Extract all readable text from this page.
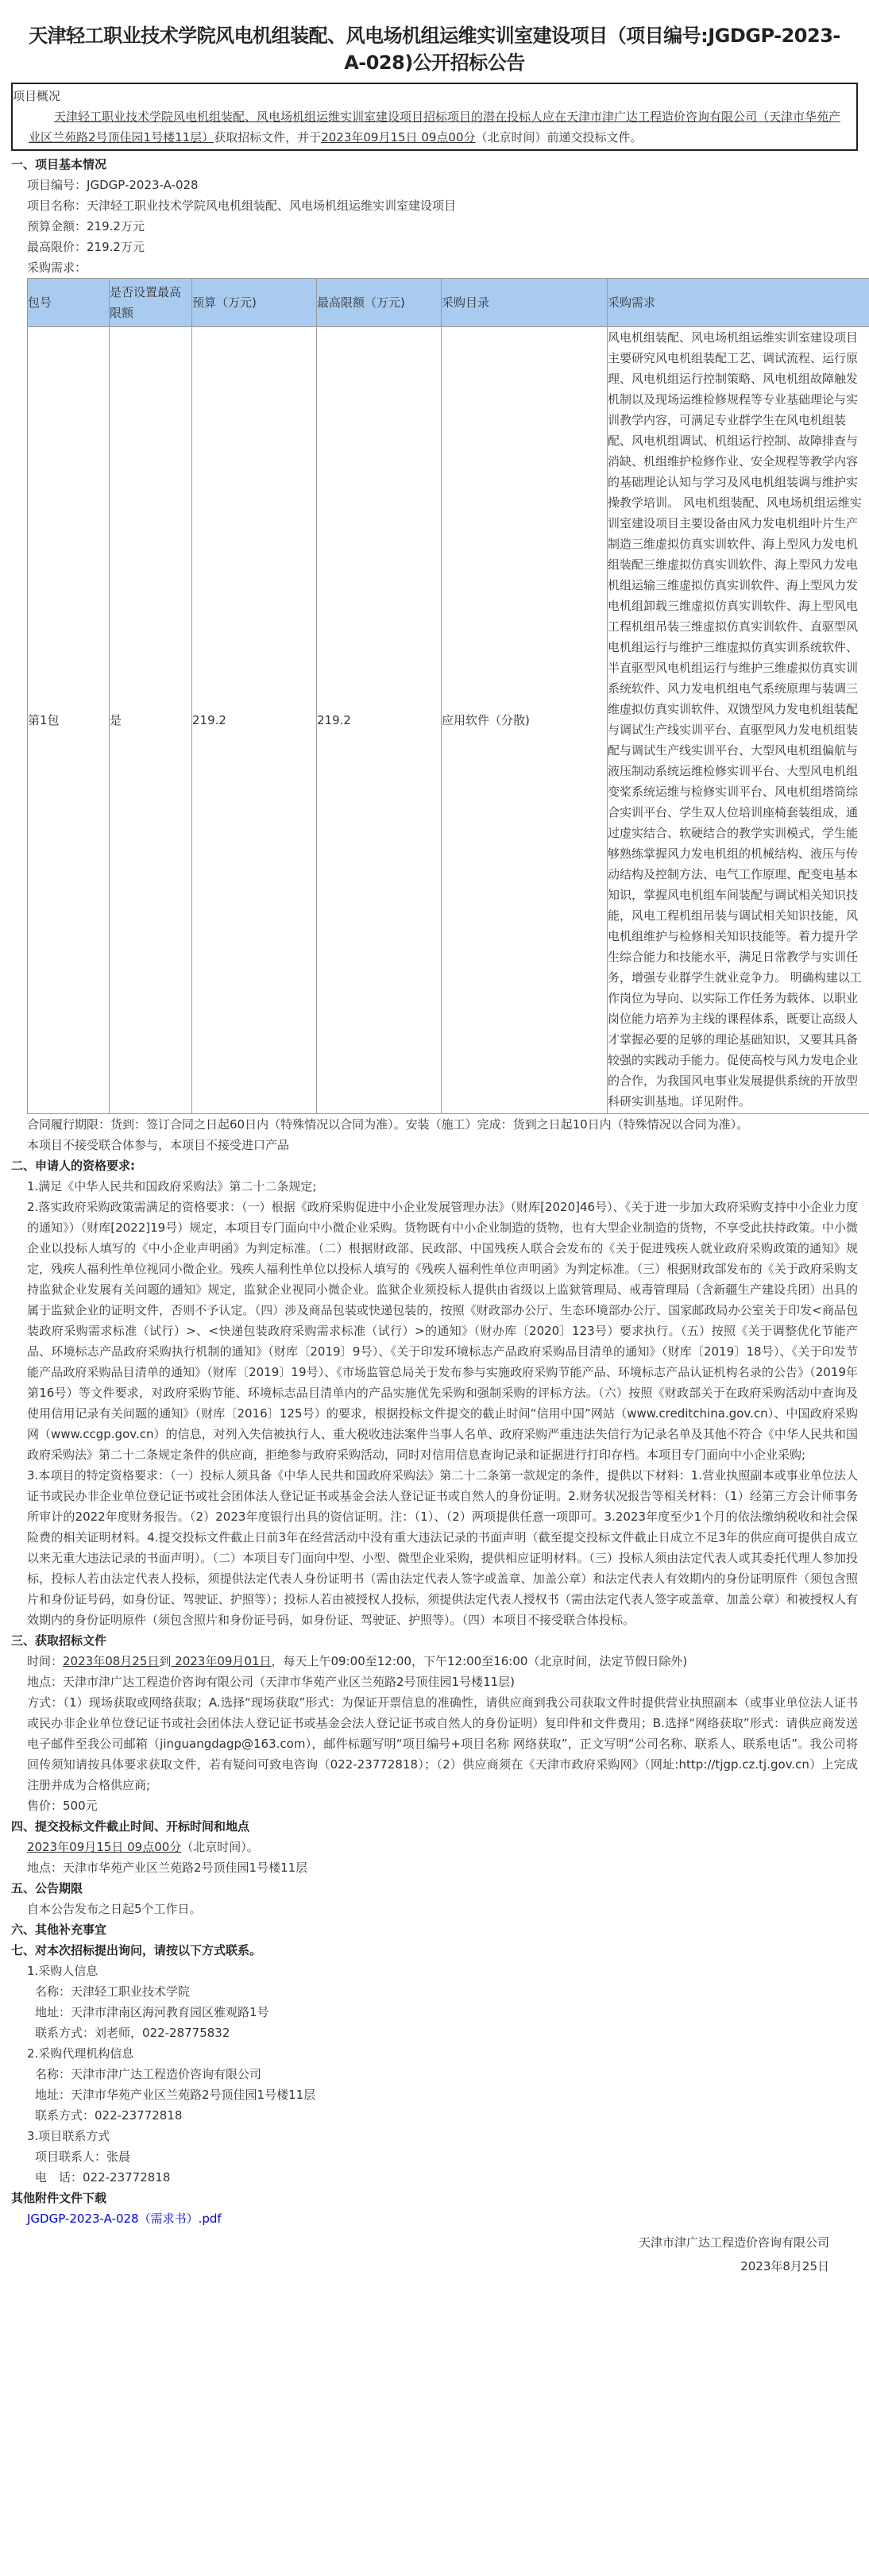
天津轻工职业技术学院风电机组装配、风电场机组运维实训室建设项目（项目编号:JGDGP-2023-A-028)公开招标公告
项目概况
天津轻工职业技术学院风电机组装配、风电场机组运维实训室建设项目招标项目的潜在投标人应在天津市津广达工程造价咨询有限公司（天津市华苑产业区兰苑路2号顶佳园1号楼11层）获取招标文件，并于2023年09月15日 09点00分（北京时间）前递交投标文件。
一、项目基本情况
项目编号：JGDGP-2023-A-028
项目名称：天津轻工职业技术学院风电机组装配、风电场机组运维实训室建设项目
预算金额：219.2万元
最高限价：219.2万元
采购需求：
包号	是否设置最高限额	预算（万元)	最高限额（万元)	采购目录	采购需求
第1包	是	219.2	219.2	应用软件（分散)	风电机组装配、风电场机组运维实训室建设项目主要研究风电机组装配工艺、调试流程、运行原理、风电机组运行控制策略、风电机组故障触发机制以及现场运维检修规程等专业基础理论与实训教学内容，可满足专业群学生在风电机组装配、风电机组调试、机组运行控制、故障排查与消缺、机组维护检修作业、安全规程等教学内容的基础理论认知与学习及风电机组装调与维护实操教学培训。 风电机组装配、风电场机组运维实训室建设项目主要设备由风力发电机组叶片生产制造三维虚拟仿真实训软件、海上型风力发电机组装配三维虚拟仿真实训软件、海上型风力发电机组运输三维虚拟仿真实训软件、海上型风力发电机组卸载三维虚拟仿真实训软件、海上型风电工程机组吊装三维虚拟仿真实训软件、直驱型风电机组运行与维护三维虚拟仿真实训系统软件、半直驱型风电机组运行与维护三维虚拟仿真实训系统软件、风力发电机组电气系统原理与装调三维虚拟仿真实训软件、双馈型风力发电机组装配与调试生产线实训平台、直驱型风力发电机组装配与调试生产线实训平台、大型风电机组偏航与液压制动系统运维检修实训平台、大型风电机组变桨系统运维与检修实训平台、风电机组塔筒综合实训平台、学生双人位培训座椅套装组成，通过虚实结合、软硬结合的教学实训模式，学生能够熟练掌握风力发电机组的机械结构、液压与传动结构及控制方法、电气工作原理、配变电基本知识，掌握风电机组车间装配与调试相关知识技能，风电工程机组吊装与调试相关知识技能，风电机组维护与检修相关知识技能等。着力提升学生综合能力和技能水平，满足日常教学与实训任务，增强专业群学生就业竞争力。 明确构建以工作岗位为导向、以实际工作任务为载体、以职业岗位能力培养为主线的课程体系，既要让高级人才掌握必要的足够的理论基础知识，又要其具备较强的实践动手能力。促使高校与风力发电企业的合作，为我国风电事业发展提供系统的开放型科研实训基地。详见附件。
合同履行期限：货到：签订合同之日起60日内（特殊情况以合同为准）。安装（施工）完成：货到之日起10日内（特殊情况以合同为准）。
本项目不接受联合体参与，本项目不接受进口产品
二、申请人的资格要求:
1.满足《中华人民共和国政府采购法》第二十二条规定;
2.落实政府采购政策需满足的资格要求：（一）根据《政府采购促进中小企业发展管理办法》（财库[2020]46号）、《关于进一步加大政府采购支持中小企业力度的通知》）（财库[2022]19号）规定，本项目专门面向中小微企业采购。货物既有中小企业制造的货物，也有大型企业制造的货物，不享受此扶持政策。中小微企业以投标人填写的《中小企业声明函》为判定标准。（二）根据财政部、民政部、中国残疾人联合会发布的《关于促进残疾人就业政府采购政策的通知》规定，残疾人福利性单位视同小微企业。残疾人福利性单位以投标人填写的《残疾人福利性单位声明函》为判定标准。（三）根据财政部发布的《关于政府采购支持监狱企业发展有关问题的通知》规定，监狱企业视同小微企业。监狱企业须投标人提供由省级以上监狱管理局、戒毒管理局（含新疆生产建设兵团）出具的属于监狱企业的证明文件，否则不予认定。（四）涉及商品包装或快递包装的，按照《财政部办公厅、生态环境部办公厅、国家邮政局办公室关于印发<商品包装政府采购需求标准（试行）>、<快递包装政府采购需求标准（试行）>的通知》（财办库〔2020〕123号）要求执行。（五）按照《关于调整优化节能产品、环境标志产品政府采购执行机制的通知》（财库〔2019〕9号）、《关于印发环境标志产品政府采购品目清单的通知》（财库〔2019〕18号）、《关于印发节能产品政府采购品目清单的通知》（财库〔2019〕19号）、《市场监管总局关于发布参与实施政府采购节能产品、环境标志产品认证机构名录的公告》（2019年第16号）等文件要求，对政府采购节能、环境标志品目清单内的产品实施优先采购和强制采购的评标方法。（六）按照《财政部关于在政府采购活动中查询及使用信用记录有关问题的通知》（财库〔2016〕125号）的要求，根据投标文件提交的截止时间“信用中国”网站（www.creditchina.gov.cn）、中国政府采购网（www.ccgp.gov.cn）的信息，对列入失信被执行人、重大税收违法案件当事人名单、政府采购严重违法失信行为记录名单及其他不符合《中华人民共和国政府采购法》第二十二条规定条件的供应商，拒绝参与政府采购活动，同时对信用信息查询记录和证据进行打印存档。本项目专门面向中小企业采购;
3.本项目的特定资格要求：（一）投标人须具备《中华人民共和国政府采购法》第二十二条第一款规定的条件，提供以下材料：1.营业执照副本或事业单位法人证书或民办非企业单位登记证书或社会团体法人登记证书或基金会法人登记证书或自然人的身份证明。2.财务状况报告等相关材料：（1）经第三方会计师事务所审计的2022年度财务报告。（2）2023年度银行出具的资信证明。注：（1）、（2）两项提供任意一项即可。3.2023年度至少1个月的依法缴纳税收和社会保险费的相关证明材料。4.提交投标文件截止日前3年在经营活动中没有重大违法记录的书面声明（截至提交投标文件截止日成立不足3年的供应商可提供自成立以来无重大违法记录的书面声明）。（二）本项目专门面向中型、小型、微型企业采购，提供相应证明材料。（三）投标人须由法定代表人或其委托代理人参加投标，投标人若由法定代表人投标，须提供法定代表人身份证明书（需由法定代表人签字或盖章、加盖公章）和法定代表人有效期内的身份证明原件（须包含照片和身份证号码，如身份证、驾驶证、护照等）；投标人若由被授权人投标，须提供法定代表人授权书（需由法定代表人签字或盖章、加盖公章）和被授权人有效期内的身份证明原件（须包含照片和身份证号码，如身份证、驾驶证、护照等）。（四）本项目不接受联合体投标。
三、获取招标文件
时间：2023年08月25日到 2023年09月01日，每天上午09:00至12:00，下午12:00至16:00（北京时间，法定节假日除外)
地点：天津市津广达工程造价咨询有限公司（天津市华苑产业区兰苑路2号顶佳园1号楼11层)
方式：（1）现场获取或网络获取；A.选择“现场获取”形式：为保证开票信息的准确性，请供应商到我公司获取文件时提供营业执照副本（或事业单位法人证书或民办非企业单位登记证书或社会团体法人登记证书或基金会法人登记证书或自然人的身份证明）复印件和文件费用；B.选择“网络获取”形式：请供应商发送电子邮件至我公司邮箱（jinguangdagp@163.com），邮件标题写明“项目编号+项目名称 网络获取”，正文写明“公司名称、联系人、联系电话”。我公司将回传须知请按具体要求获取文件，若有疑问可致电咨询（022-23772818）；（2）供应商须在《天津市政府采购网》（网址:http://tjgp.cz.tj.gov.cn）上完成注册并成为合格供应商;
售价：500元
四、提交投标文件截止时间、开标时间和地点
2023年09月15日 09点00分（北京时间）。
地点：天津市华苑产业区兰苑路2号顶佳园1号楼11层
五、公告期限
自本公告发布之日起5个工作日。
六、其他补充事宜
七、对本次招标提出询问，请按以下方式联系。
1.采购人信息
名称：天津轻工职业技术学院
地址：天津市津南区海河教育园区雅观路1号
联系方式：刘老师，022-28775832
2.采购代理机构信息
名称：天津市津广达工程造价咨询有限公司
地址：天津市华苑产业区兰苑路2号顶佳园1号楼11层
联系方式：022-23772818
3.项目联系方式
项目联系人：张晨
电　话：022-23772818
其他附件文件下载
JGDGP-2023-A-028（需求书）.pdf
天津市津广达工程造价咨询有限公司
2023年8月25日
